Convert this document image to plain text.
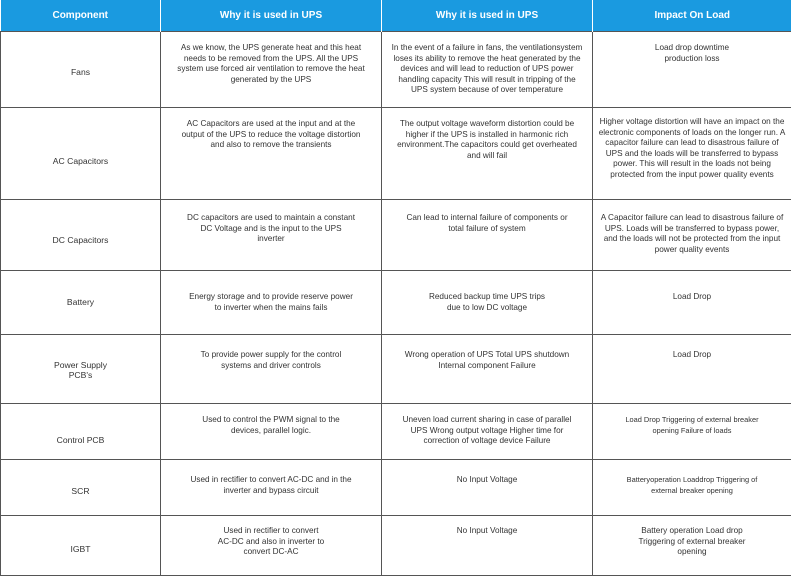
Component	Why it is used in UPS	Why it is used in UPS	Impact On Load

Fans	As we know, the UPS generate heat and this heat needs to be removed from the UPS. All the UPS system use forced air ventilation to remove the heat generated by the UPS	In the event of a failure in fans, the ventilationsystem loses its ability to remove the heat generated by the devices and will lead to reduction of UPS power handling capacity This will result in tripping of the UPS system because of over temperature	Load drop downtime production loss

AC Capacitors	AC Capacitors are used at the input and at the output of the UPS to reduce the voltage distortion and also to remove the transients	The output voltage waveform distortion could be higher if the UPS is installed in harmonic rich environment.The capacitors could get overheated and will fail	Higher voltage distortion will have an impact on the electronic components of loads on the longer run. A capacitor failure can lead to disastrous failure of UPS and the loads will be transferred to bypass power. This will result in the loads not being protected from the input power quality events

DC Capacitors	DC capacitors are used to maintain a constant DC Voltage and is the input to the UPS inverter	Can lead to internal failure of components or total failure of system	A Capacitor failure can lead to disastrous failure of UPS. Loads will be transferred to bypass power, and the loads will not be protected from the input power quality events

Battery	Energy storage and to provide reserve power to inverter when the mains fails	Reduced backup time UPS trips due to low DC voltage	Load Drop

Power Supply PCB's	To provide power supply for the control systems and driver controls	Wrong operation of UPS Total UPS shutdown Internal component Failure	Load Drop

Control PCB	Used to control the PWM signal to the devices, parallel logic.	Uneven load current sharing in case of parallel UPS Wrong output voltage Higher time for correction of voltage device Failure	Load Drop Triggering of external breaker opening Failure of loads

SCR	Used in rectifier to convert AC-DC and in the inverter and bypass circuit	No Input Voltage	Batteryoperation Loaddrop Triggering of external breaker opening

IGBT	Used in rectifier to convert AC-DC and also in inverter to convert DC-AC	No Input Voltage	Battery operation Load drop Triggering of external breaker opening
